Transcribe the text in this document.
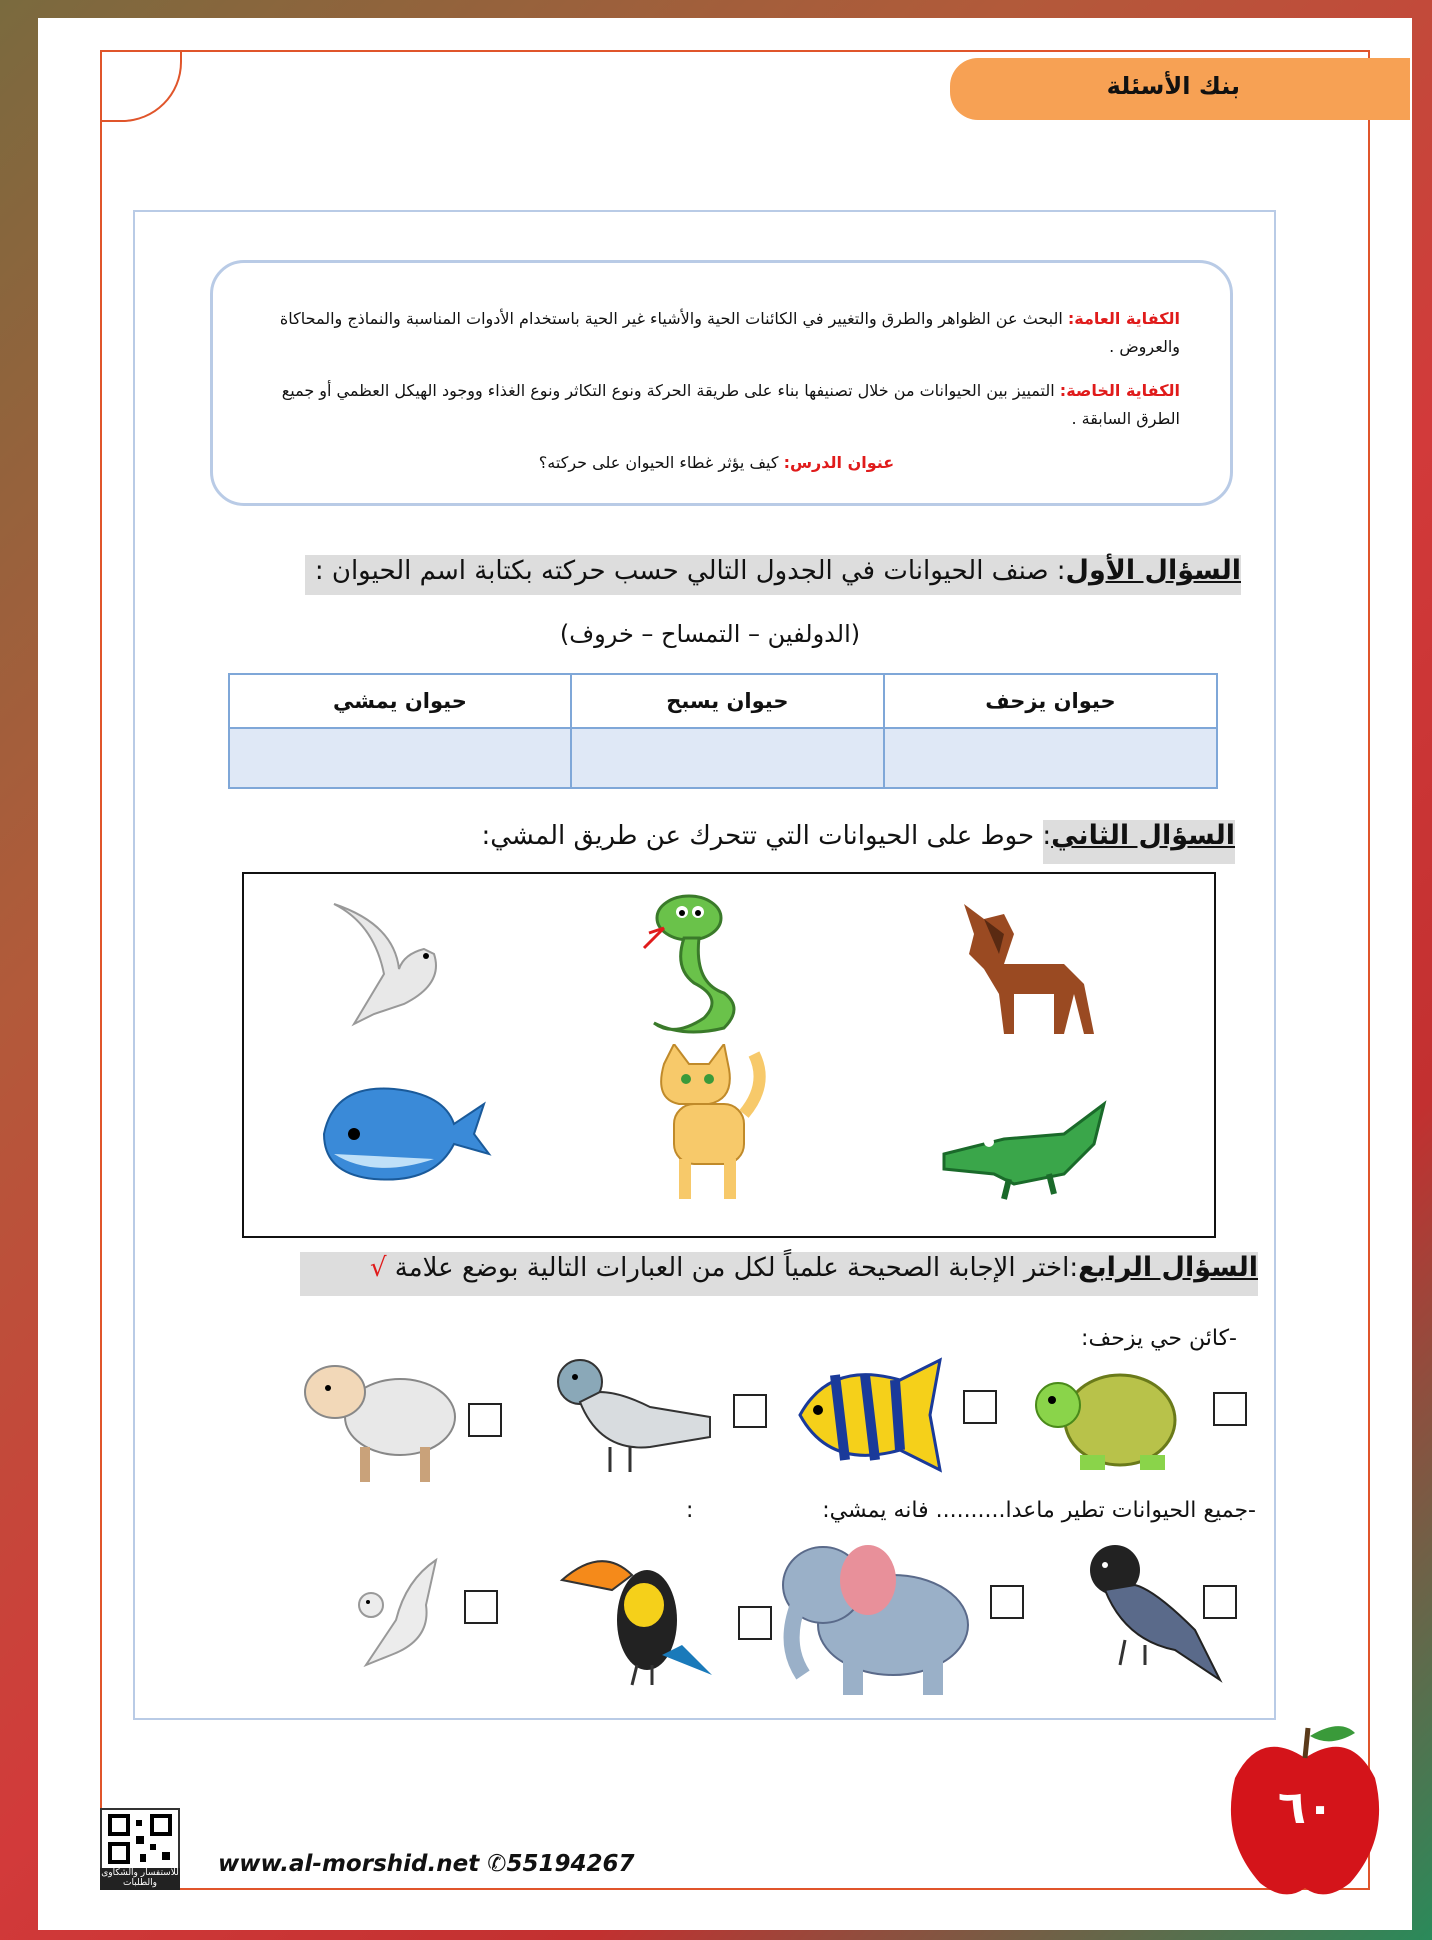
بنك الأسئلة

الكفاية العامة: البحث عن الظواهر والطرق والتغيير في الكائنات الحية والأشياء غير الحية باستخدام الأدوات المناسبة والنماذج والمحاكاة والعروض .

الكفاية الخاصة: التمييز بين الحيوانات من خلال تصنيفها بناء على طريقة الحركة ونوع التكاثر ونوع الغذاء ووجود الهيكل العظمي أو جميع الطرق السابقة .

عنوان الدرس: كيف يؤثر غطاء الحيوان على حركته؟

السؤال الأول: صنف الحيوانات في الجدول التالي حسب حركته بكتابة اسم الحيوان :
(الدولفين – التمساح – خروف)
حيوان يزحف	حيوان يسبح	حيوان يمشي

السؤال الثاني: حوط على الحيوانات التي تتحرك عن طريق المشي:
السؤال الرابع:اختر الإجابة الصحيحة علمياً لكل من العبارات التالية بوضع علامة √
-كائن حي يزحف:
-جميع الحيوانات تطير ماعدا.......... فانه يمشي:
:
للاستفسار والشكاوى والطلبات
www.al-morshid.net ✆55194267
٦٠
